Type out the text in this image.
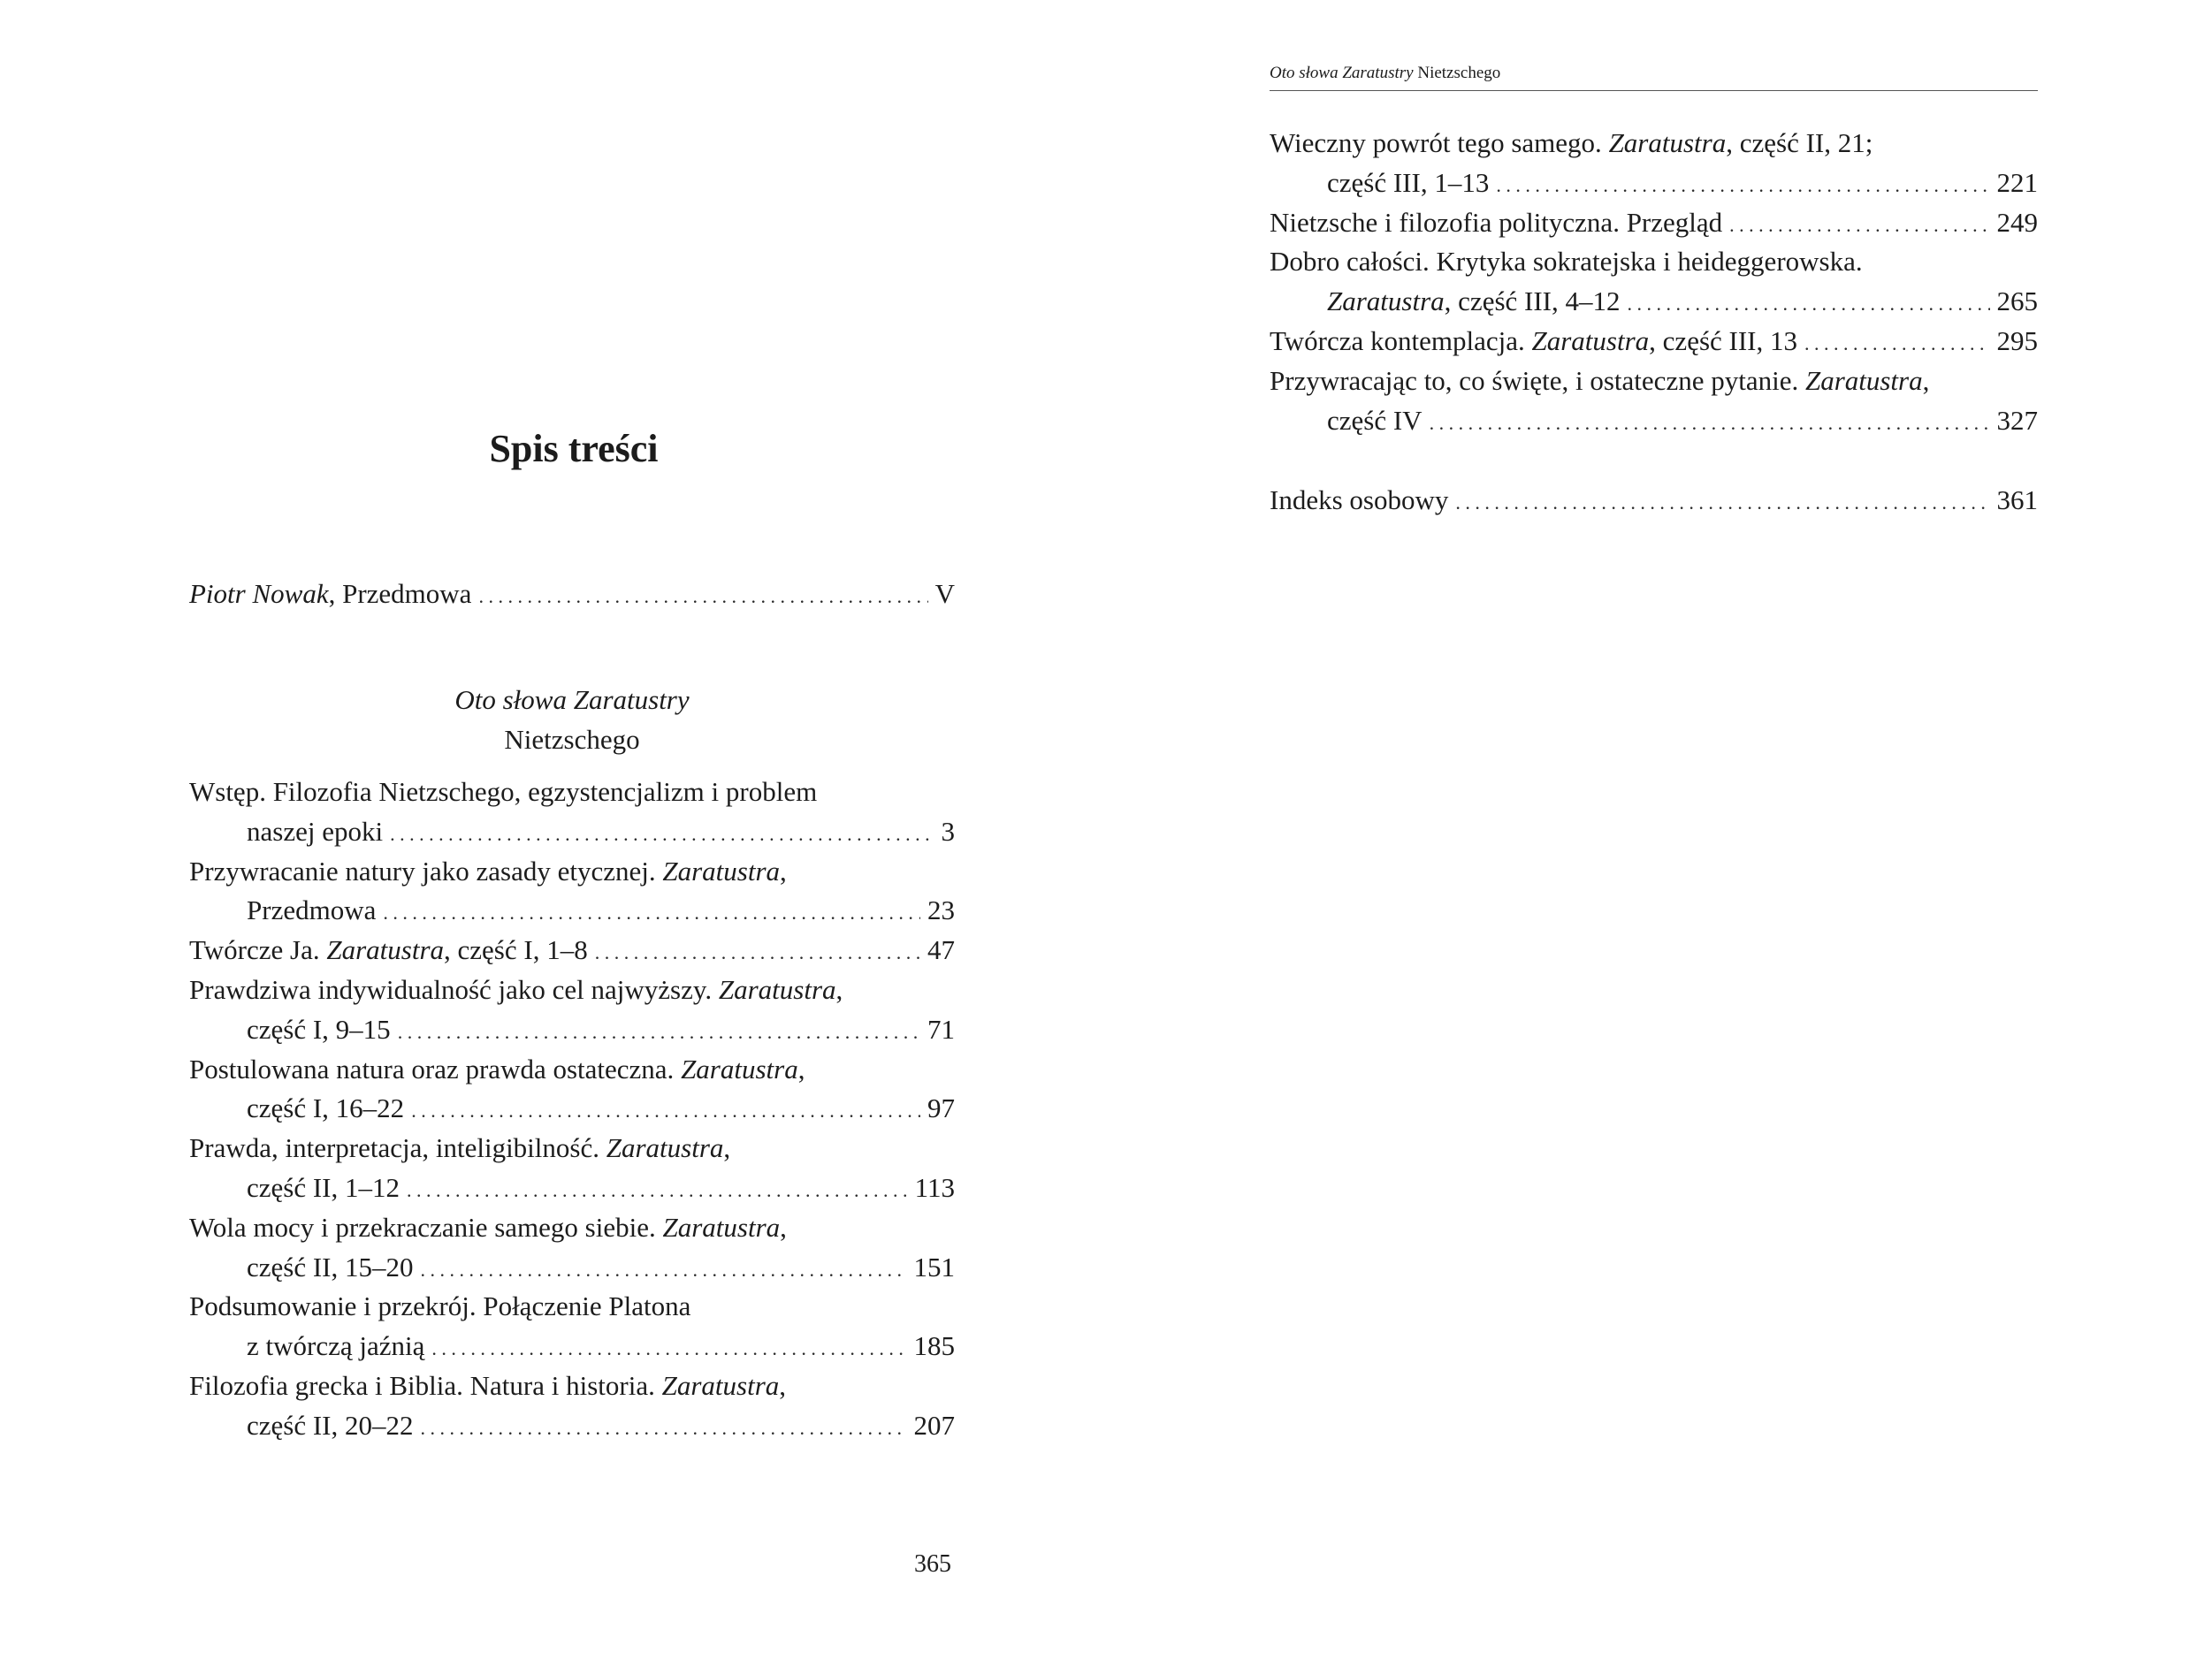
Spis treści
Piotr Nowak, Przedmowa . . .	V
Oto słowa Zaratustry
Nietzschego
Wstęp. Filozofia Nietzschego, egzystencjalizm i problem
naszej epoki . . .	3
Przywracanie natury jako zasady etycznej. Zaratustra,
Przedmowa . . .	23
Twórcze Ja. Zaratustra, część I, 1–8 . . .	47
Prawdziwa indywidualność jako cel najwyższy. Zaratustra,
część I, 9–15 . . .	71
Postulowana natura oraz prawda ostateczna. Zaratustra,
część I, 16–22 . . .	97
Prawda, interpretacja, inteligibilność. Zaratustra,
część II, 1–12 . . .	113
Wola mocy i przekraczanie samego siebie. Zaratustra,
część II, 15–20 . . .	151
Podsumowanie i przekrój. Połączenie Platona
z twórczą jaźnią . . .	185
Filozofia grecka i Biblia. Natura i historia. Zaratustra,
część II, 20–22 . . .	207
365
Oto słowa Zaratustry Nietzschego
Wieczny powrót tego samego. Zaratustra, część II, 21;
część III, 1–13 . . .	221
Nietzsche i filozofia polityczna. Przegląd . . .	249
Dobro całości. Krytyka sokratejska i heideggerowska.
Zaratustra, część III, 4–12 . . .	265
Twórcza kontemplacja. Zaratustra, część III, 13 . . .	295
Przywracając to, co święte, i ostateczne pytanie. Zaratustra,
część IV . . .	327
Indeks osobowy . . .	361
